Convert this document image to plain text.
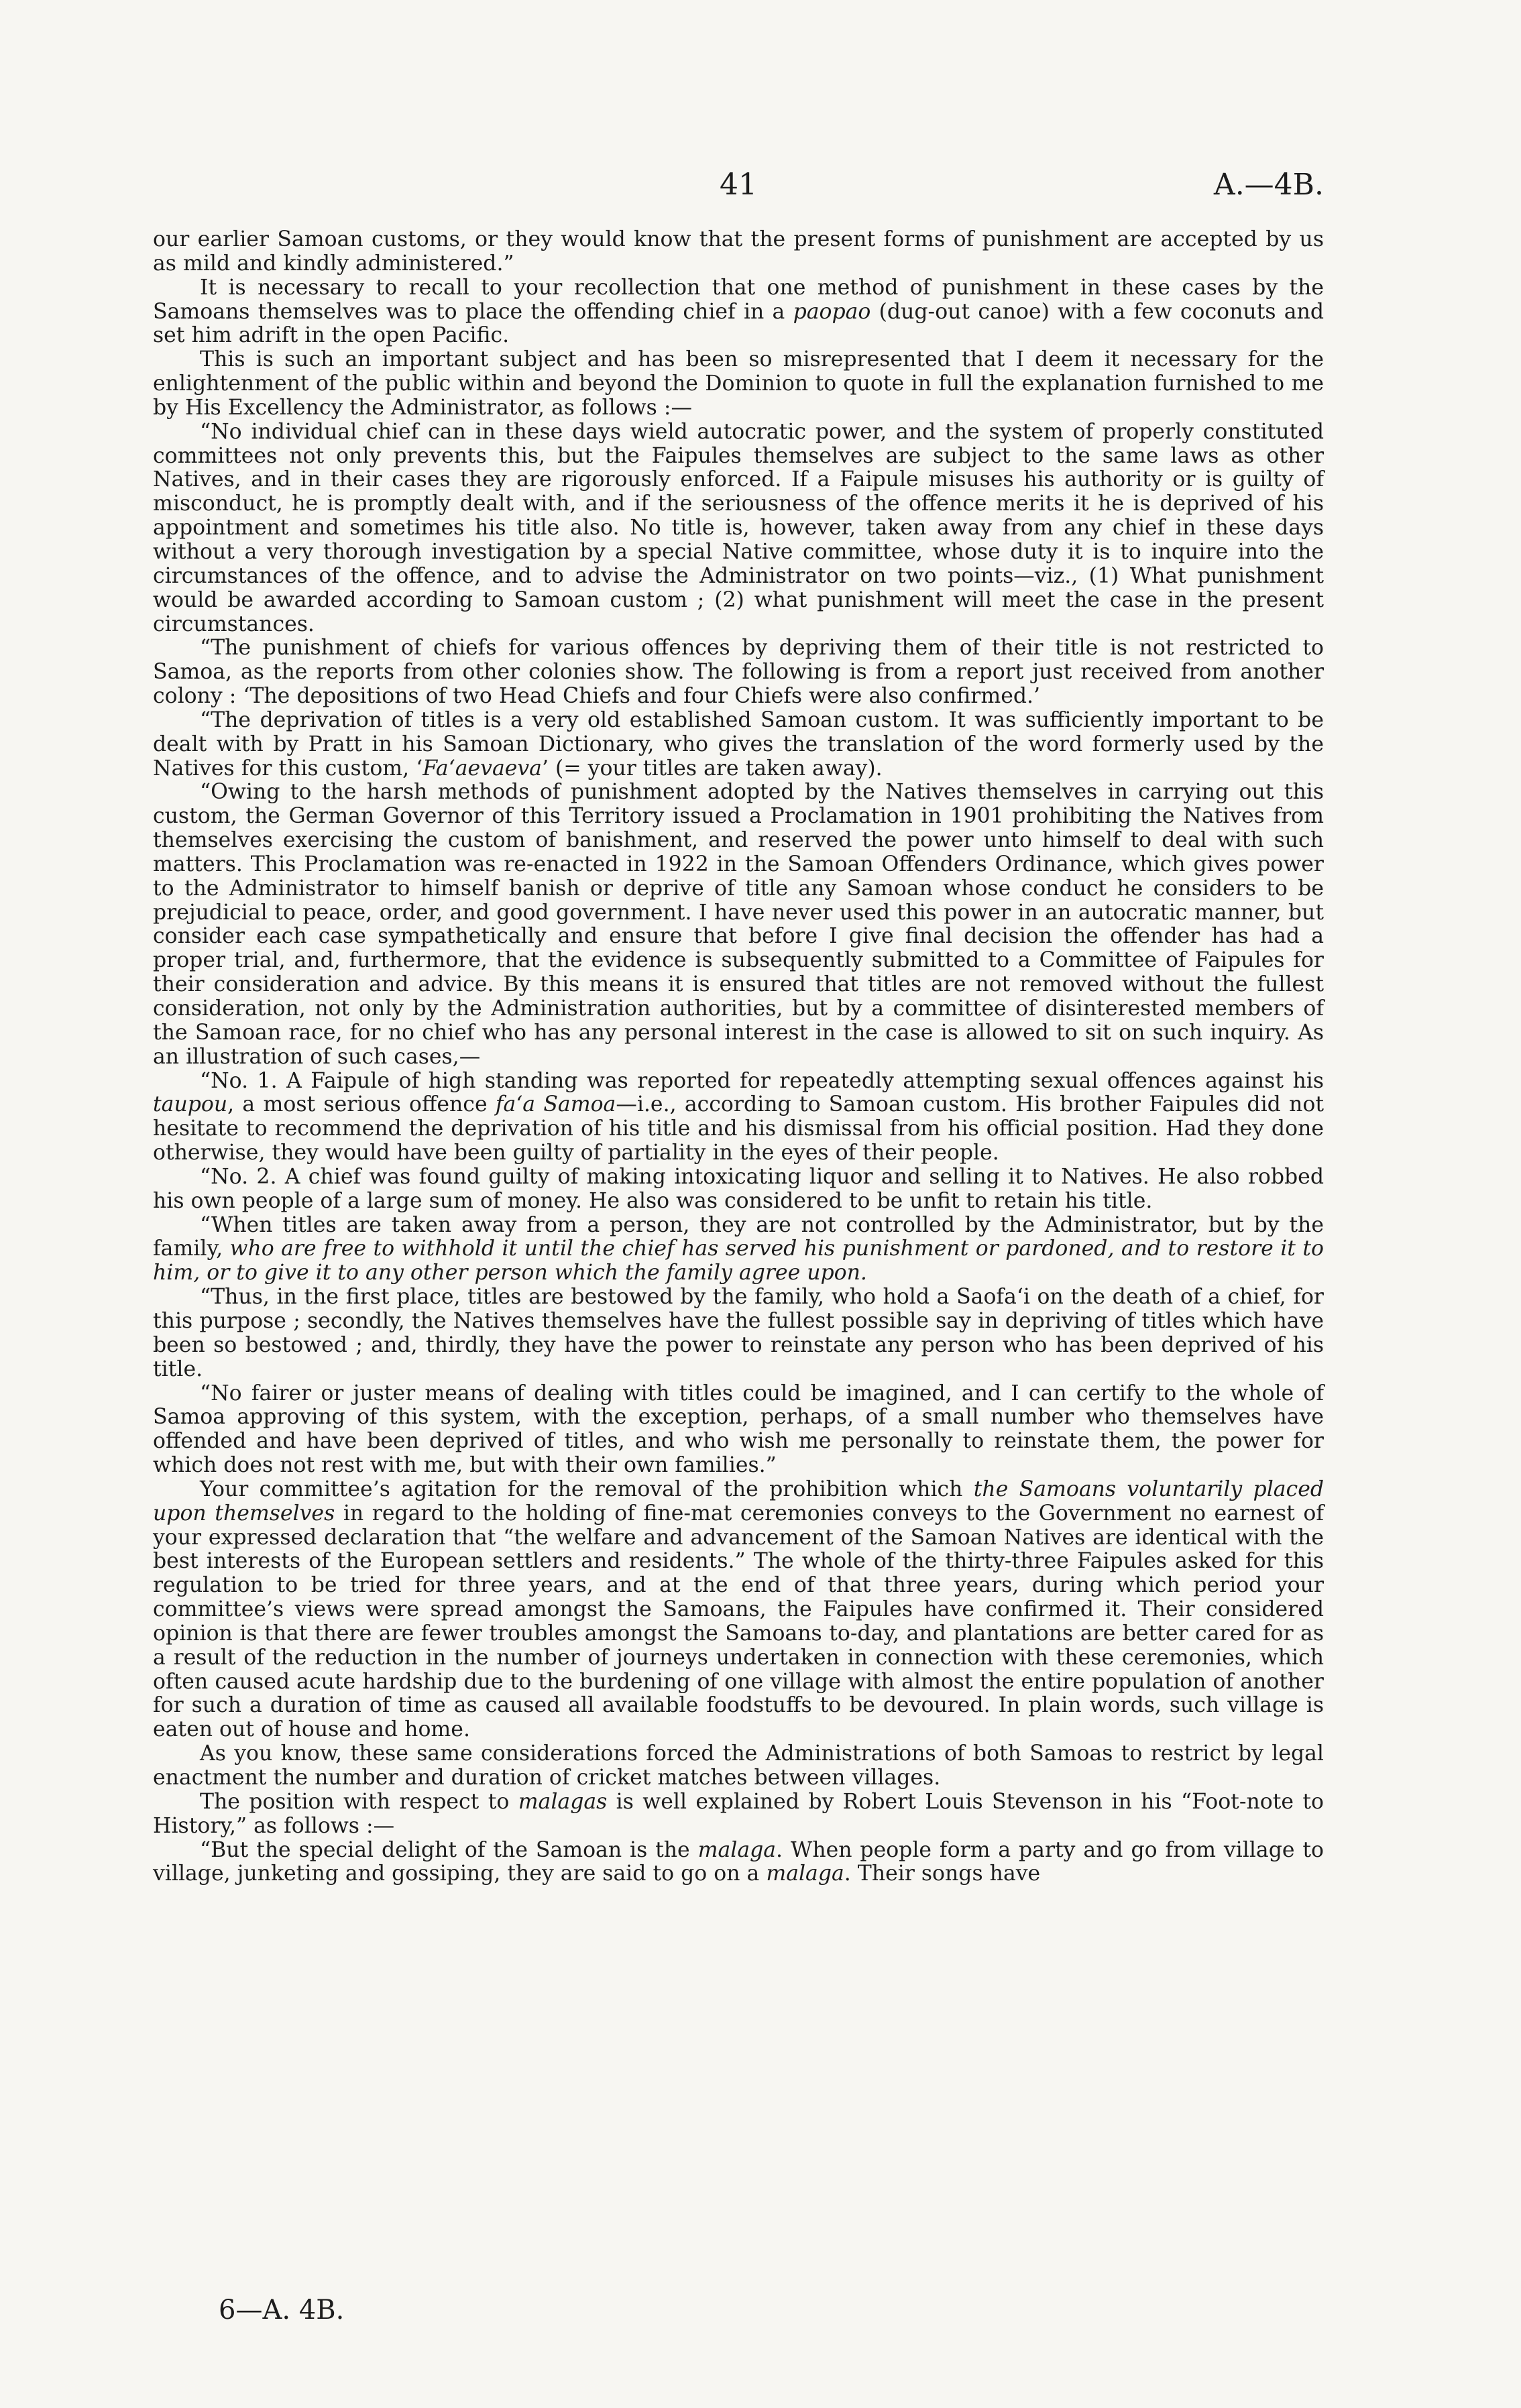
41	A.—4B.

our earlier Samoan customs, or they would know that the present forms of punishment are accepted by us as mild and kindly administered.”

It is necessary to recall to your recollection that one method of punishment in these cases by the Samoans themselves was to place the offending chief in a paopao (dug-out canoe) with a few coconuts and set him adrift in the open Pacific.

This is such an important subject and has been so misrepresented that I deem it necessary for the enlightenment of the public within and beyond the Dominion to quote in full the explanation furnished to me by His Excellency the Administrator, as follows :—

“No individual chief can in these days wield autocratic power, and the system of properly constituted committees not only prevents this, but the Faipules themselves are subject to the same laws as other Natives, and in their cases they are rigorously enforced. If a Faipule misuses his authority or is guilty of misconduct, he is promptly dealt with, and if the seriousness of the offence merits it he is deprived of his appointment and sometimes his title also. No title is, however, taken away from any chief in these days without a very thorough investigation by a special Native committee, whose duty it is to inquire into the circumstances of the offence, and to advise the Administrator on two points—viz., (1) What punishment would be awarded according to Samoan custom ; (2) what punishment will meet the case in the present circumstances.

“The punishment of chiefs for various offences by depriving them of their title is not restricted to Samoa, as the reports from other colonies show. The following is from a report just received from another colony : ‘The depositions of two Head Chiefs and four Chiefs were also confirmed.’

“The deprivation of titles is a very old established Samoan custom. It was sufficiently important to be dealt with by Pratt in his Samoan Dictionary, who gives the translation of the word formerly used by the Natives for this custom, ‘Fa‘aevaeva’ (= your titles are taken away).

“Owing to the harsh methods of punishment adopted by the Natives themselves in carrying out this custom, the German Governor of this Territory issued a Proclamation in 1901 prohibiting the Natives from themselves exercising the custom of banishment, and reserved the power unto himself to deal with such matters. This Proclamation was re-enacted in 1922 in the Samoan Offenders Ordinance, which gives power to the Administrator to himself banish or deprive of title any Samoan whose conduct he considers to be prejudicial to peace, order, and good government. I have never used this power in an autocratic manner, but consider each case sympathetically and ensure that before I give final decision the offender has had a proper trial, and, furthermore, that the evidence is subsequently submitted to a Committee of Faipules for their consideration and advice. By this means it is ensured that titles are not removed without the fullest consideration, not only by the Administration authorities, but by a committee of disinterested members of the Samoan race, for no chief who has any personal interest in the case is allowed to sit on such inquiry. As an illustration of such cases,—

“No. 1. A Faipule of high standing was reported for repeatedly attempting sexual offences against his taupou, a most serious offence fa‘a Samoa—i.e., according to Samoan custom. His brother Faipules did not hesitate to recommend the deprivation of his title and his dismissal from his official position. Had they done otherwise, they would have been guilty of partiality in the eyes of their people.

“No. 2. A chief was found guilty of making intoxicating liquor and selling it to Natives. He also robbed his own people of a large sum of money. He also was considered to be unfit to retain his title.

“When titles are taken away from a person, they are not controlled by the Administrator, but by the family, who are free to withhold it until the chief has served his punishment or pardoned, and to restore it to him, or to give it to any other person which the family agree upon.

“Thus, in the first place, titles are bestowed by the family, who hold a Saofa‘i on the death of a chief, for this purpose ; secondly, the Natives themselves have the fullest possible say in depriving of titles which have been so bestowed ; and, thirdly, they have the power to reinstate any person who has been deprived of his title.

“No fairer or juster means of dealing with titles could be imagined, and I can certify to the whole of Samoa approving of this system, with the exception, perhaps, of a small number who themselves have offended and have been deprived of titles, and who wish me personally to reinstate them, the power for which does not rest with me, but with their own families.”

Your committee’s agitation for the removal of the prohibition which the Samoans voluntarily placed upon themselves in regard to the holding of fine-mat ceremonies conveys to the Government no earnest of your expressed declaration that “the welfare and advancement of the Samoan Natives are identical with the best interests of the European settlers and residents.” The whole of the thirty-three Faipules asked for this regulation to be tried for three years, and at the end of that three years, during which period your committee’s views were spread amongst the Samoans, the Faipules have confirmed it. Their considered opinion is that there are fewer troubles amongst the Samoans to-day, and plantations are better cared for as a result of the reduction in the number of journeys undertaken in connection with these ceremonies, which often caused acute hardship due to the burdening of one village with almost the entire population of another for such a duration of time as caused all available foodstuffs to be devoured. In plain words, such village is eaten out of house and home.

As you know, these same considerations forced the Administrations of both Samoas to restrict by legal enactment the number and duration of cricket matches between villages.

The position with respect to malagas is well explained by Robert Louis Stevenson in his “Foot-note to History,” as follows :—

“But the special delight of the Samoan is the malaga. When people form a party and go from village to village, junketing and gossiping, they are said to go on a malaga. Their songs have

6—A. 4B.
